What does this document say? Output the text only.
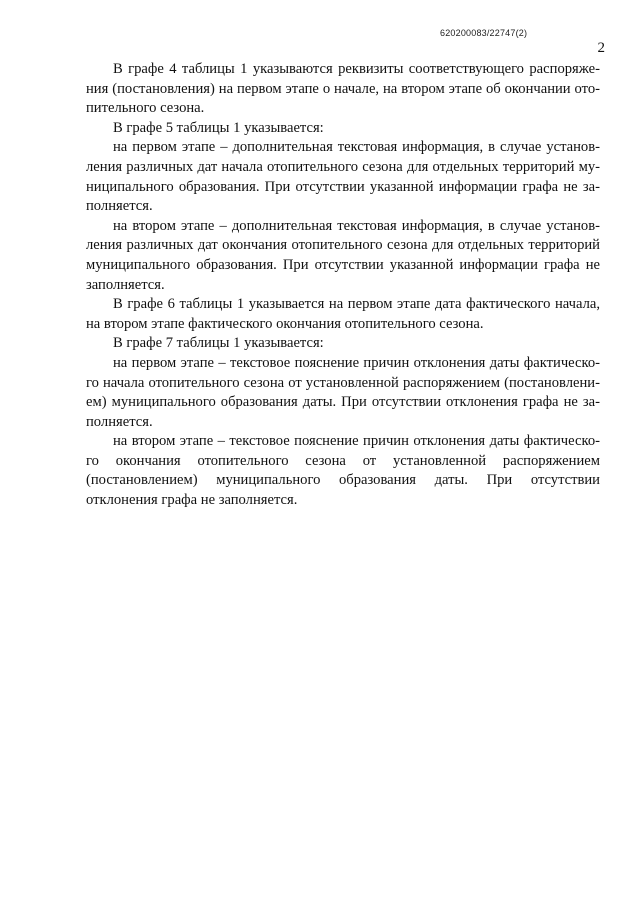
620200083/22747(2)
2

В графе 4 таблицы 1 указываются реквизиты соответствующего распоряжения (постановления) на первом этапе о начале, на втором этапе об окончании отопительного сезона.

В графе 5 таблицы 1 указывается:

на первом этапе – дополнительная текстовая информация, в случае установления различных дат начала отопительного сезона для отдельных территорий муниципального образования. При отсутствии указанной информации графа не заполняется.

на втором этапе – дополнительная текстовая информация, в случае установления различных дат окончания отопительного сезона для отдельных территорий муниципального образования. При отсутствии указанной информации графа не заполняется.

В графе 6 таблицы 1 указывается на первом этапе дата фактического начала, на втором этапе фактического окончания отопительного сезона.

В графе 7 таблицы 1 указывается:

на первом этапе – текстовое пояснение причин отклонения даты фактического начала отопительного сезона от установленной распоряжением (постановлением) муниципального образования даты. При отсутствии отклонения графа не заполняется.

на втором этапе – текстовое пояснение причин отклонения даты фактического окончания отопительного сезона от установленной распоряжением (постановлением) муниципального образования даты. При отсутствии отклонения графа не заполняется.
